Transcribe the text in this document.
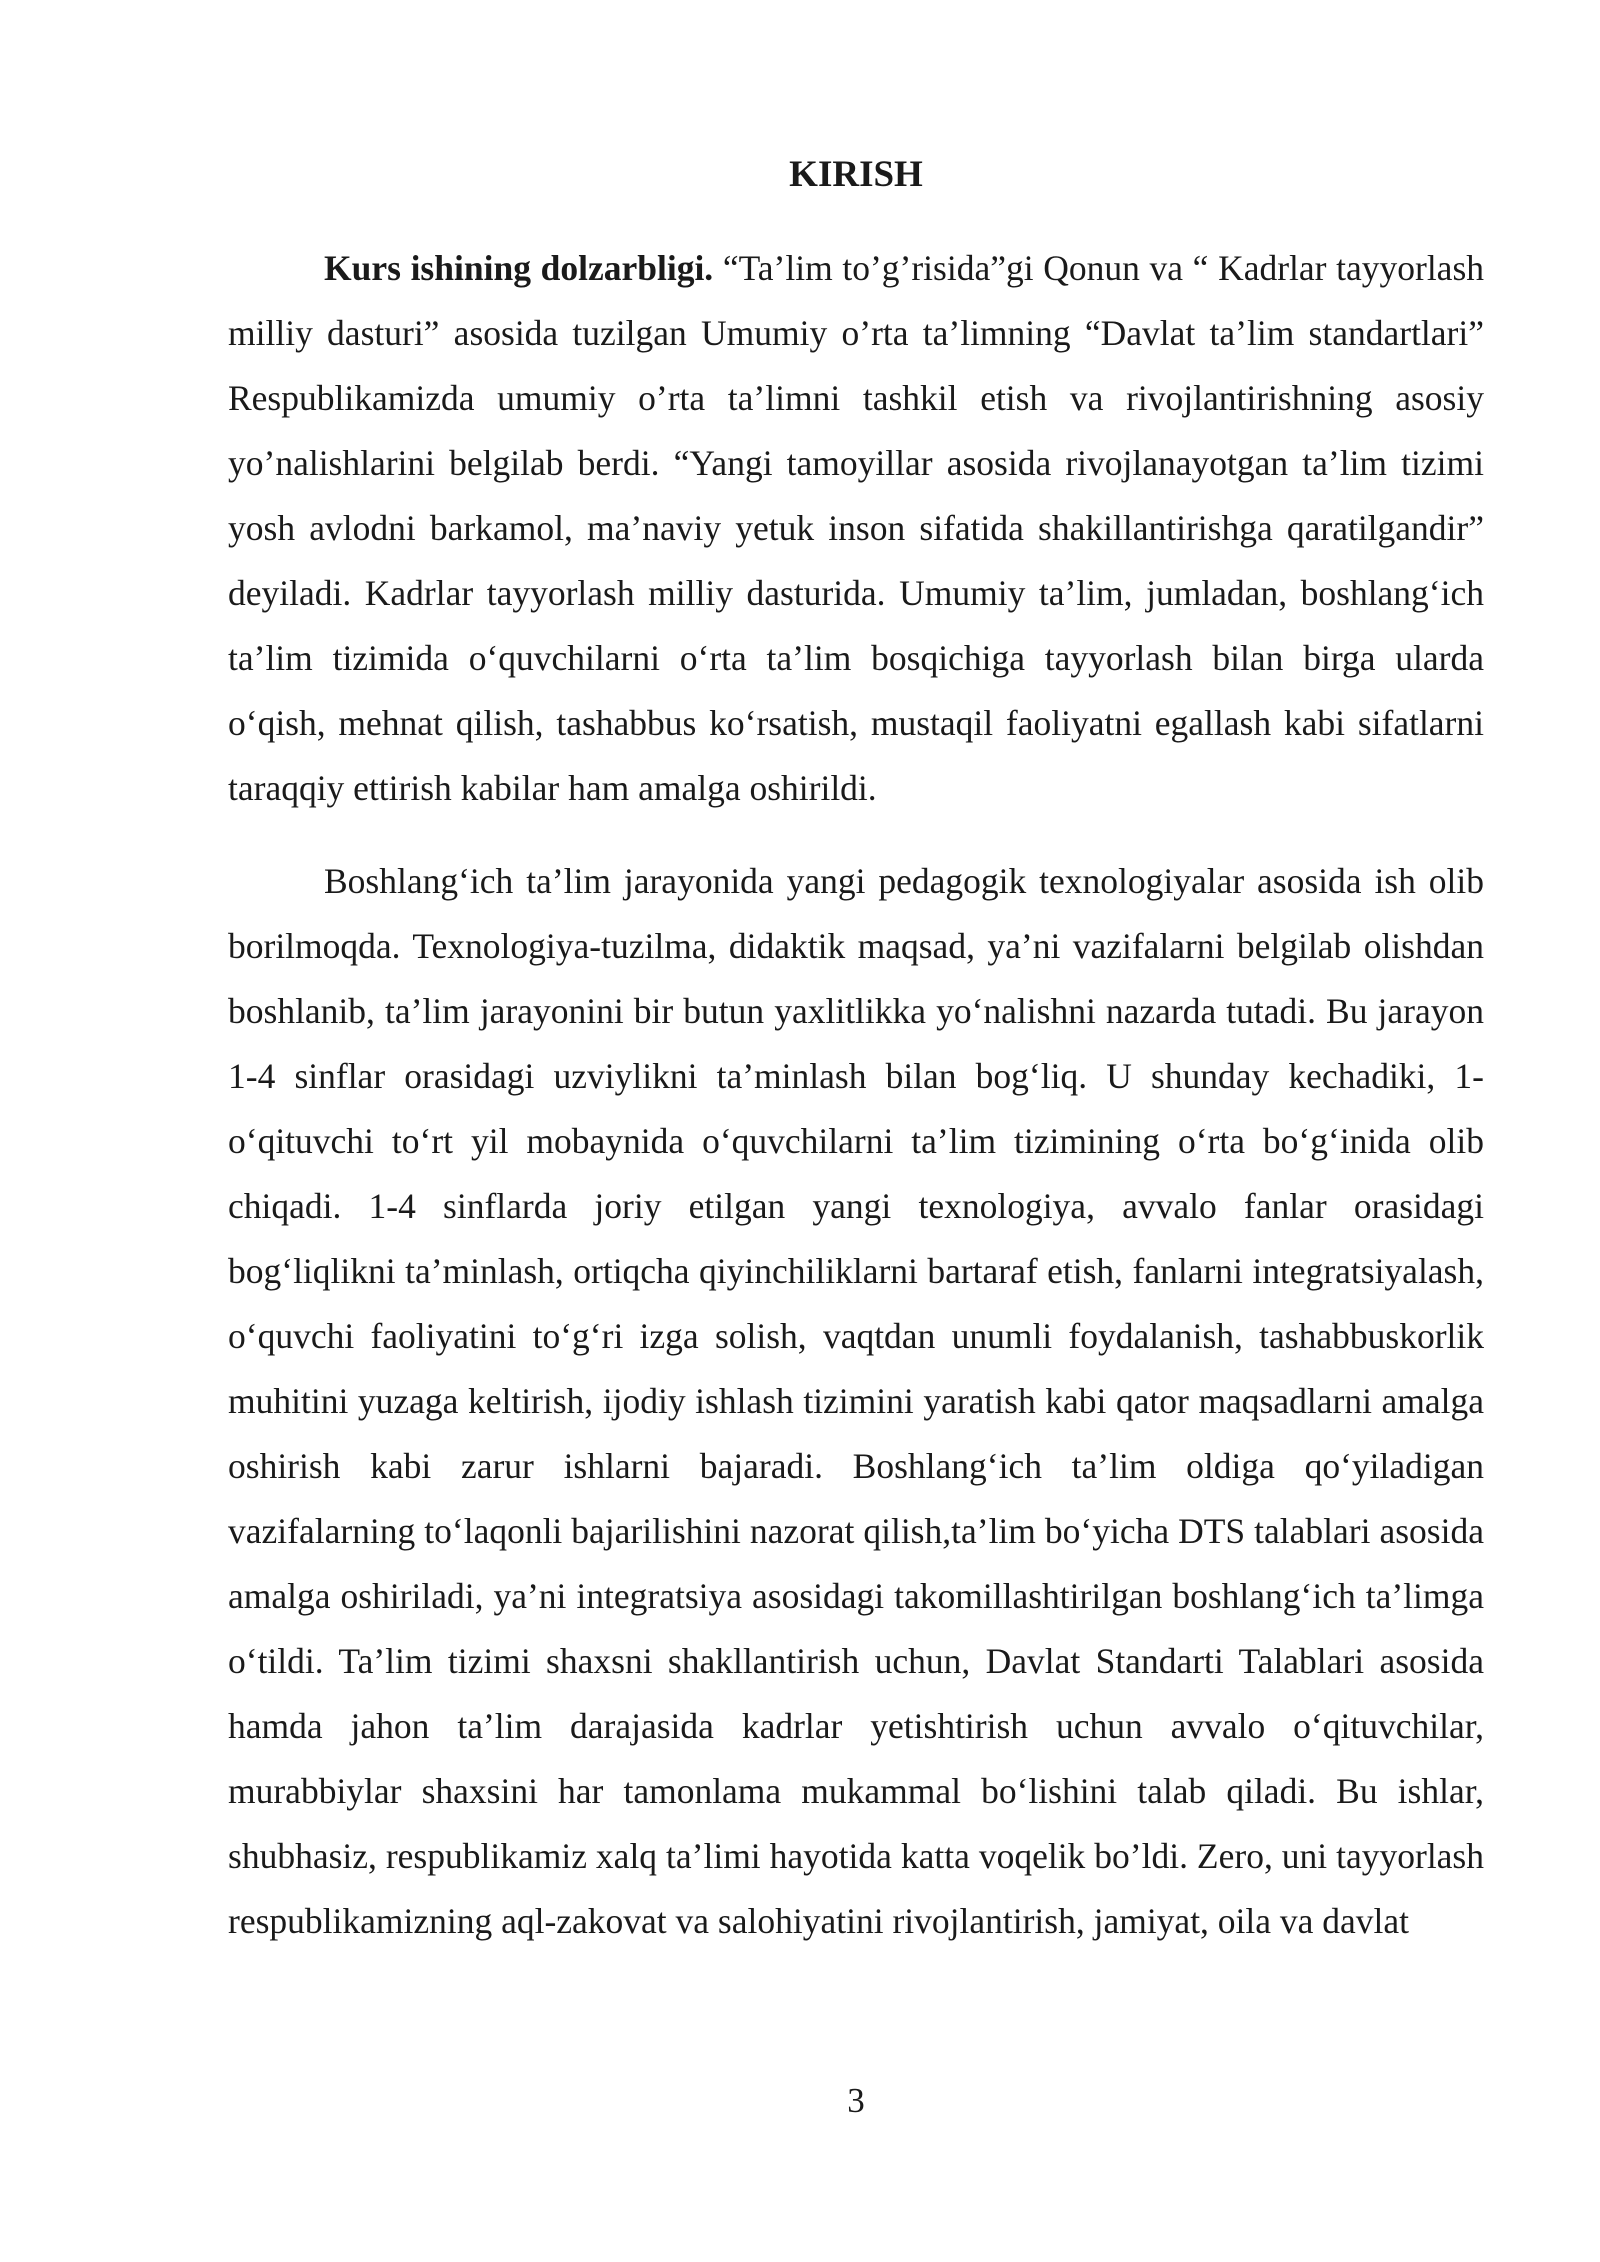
KIRISH

Kurs ishining dolzarbligi. “Ta’lim to’g’risida”gi Qonun va “ Kadrlar tayyorlash milliy dasturi” asosida tuzilgan Umumiy o’rta ta’limning “Davlat ta’lim standartlari” Respublikamizda umumiy o’rta ta’limni tashkil etish va rivojlantirishning asosiy yo’nalishlarini belgilab berdi. “Yangi tamoyillar asosida rivojlanayotgan ta’lim tizimi yosh avlodni barkamol, ma’naviy yetuk inson sifatida shakillantirishga qaratilgandir” deyiladi. Kadrlar tayyorlash milliy dasturida. Umumiy ta’lim, jumladan, boshlang‘ich ta’lim tizimida o‘quvchilarni o‘rta ta’lim bosqichiga tayyorlash bilan birga ularda o‘qish, mehnat qilish, tashabbus ko‘rsatish, mustaqil faoliyatni egallash kabi sifatlarni taraqqiy ettirish kabilar ham amalga oshirildi.

Boshlang‘ich ta’lim jarayonida yangi pedagogik texnologiyalar asosida ish olib borilmoqda. Texnologiya-tuzilma, didaktik maqsad, ya’ni vazifalarni belgilab olishdan boshlanib, ta’lim jarayonini bir butun yaxlitlikka yo‘nalishni nazarda tutadi. Bu jarayon 1-4 sinflar orasidagi uzviylikni ta’minlash bilan bog‘liq. U shunday kechadiki, 1- o‘qituvchi to‘rt yil mobaynida o‘quvchilarni ta’lim tizimining o‘rta bo‘g‘inida olib chiqadi. 1-4 sinflarda joriy etilgan yangi texnologiya, avvalo fanlar orasidagi bog‘liqlikni ta’minlash, ortiqcha qiyinchiliklarni bartaraf etish, fanlarni integratsiyalash, o‘quvchi faoliyatini to‘g‘ri izga solish, vaqtdan unumli foydalanish, tashabbuskorlik muhitini yuzaga keltirish, ijodiy ishlash tizimini yaratish kabi qator maqsadlarni amalga oshirish kabi zarur ishlarni bajaradi. Boshlang‘ich ta’lim oldiga qo‘yiladigan vazifalarning to‘laqonli bajarilishini nazorat qilish,ta’lim bo‘yicha DTS talablari asosida amalga oshiriladi, ya’ni integratsiya asosidagi takomillashtirilgan boshlang‘ich ta’limga o‘tildi. Ta’lim tizimi shaxsni shakllantirish uchun, Davlat Standarti Talablari asosida hamda jahon ta’lim darajasida kadrlar yetishtirish uchun avvalo o‘qituvchilar, murabbiylar shaxsini har tamonlama mukammal bo‘lishini talab qiladi. Bu ishlar, shubhasiz, respublikamiz xalq ta’limi hayotida katta voqelik bo’ldi. Zero, uni tayyorlash respublikamizning aql-zakovat va salohiyatini rivojlantirish, jamiyat, oila va davlat

3
